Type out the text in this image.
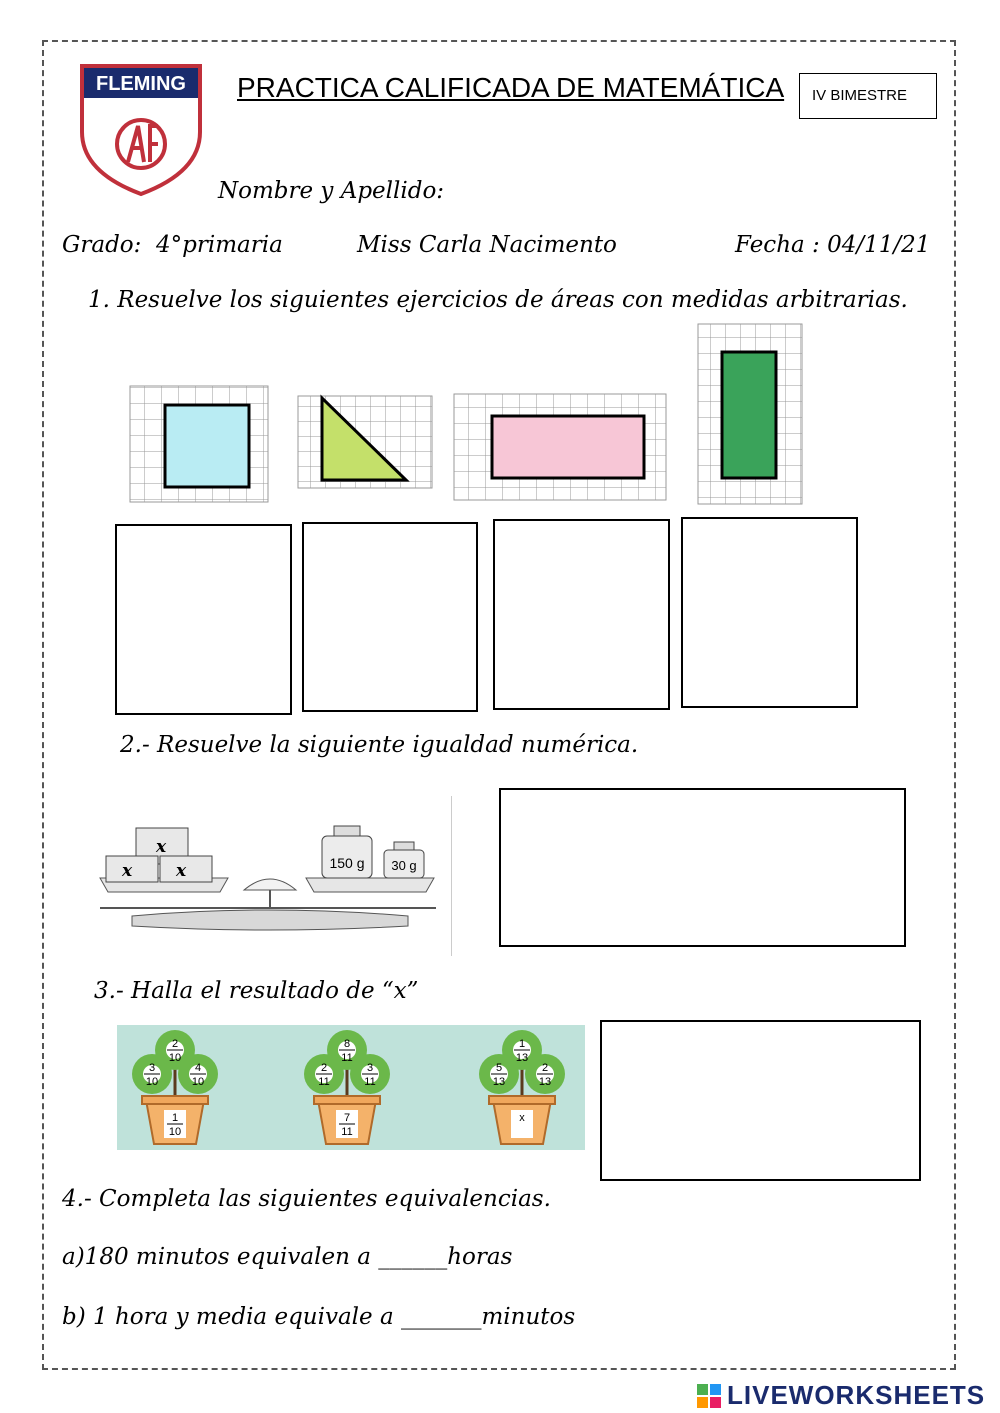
FLEMING PRACTICA CALIFICADA DE MATEMÁTICA	IV BIMESTRE
Nombre y Apellido:
Grado: 4°primaria	Miss Carla Nacimento	Fecha : 04/11/21
1. Resuelve los siguientes ejercicios de áreas con medidas arbitrarias.
2.- Resuelve la siguiente igualdad numérica.
x
x	x	150 g 30 g
3.- Halla el resultado de “x”
2
10
3
10
4
10
1
10
8
11
2
11
3
11
7
11
1
13
5
13
2
13
x
4.- Completa las siguientes equivalencias.
a)180 minutos equivalen a ______horas
b) 1 hora y media equivale a _______minutos
LIVEWORKSHEETS
